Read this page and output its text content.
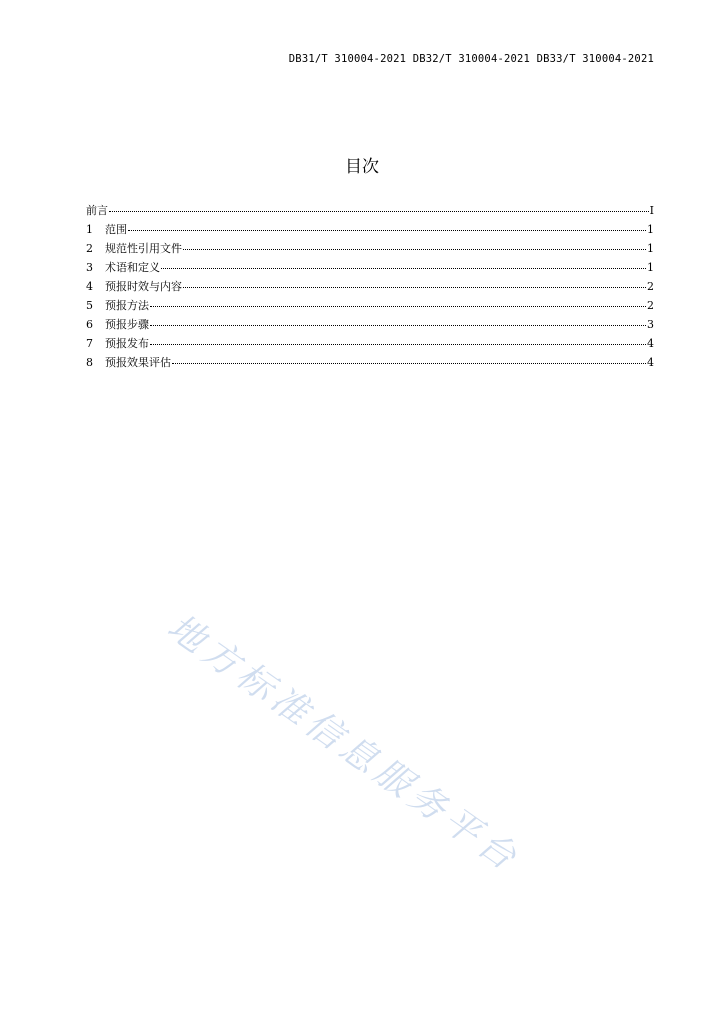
DB31/T 310004-2021 DB32/T 310004-2021 DB33/T 310004-2021
目次
前言	I
1	范围	1
2	规范性引用文件	1
3	术语和定义	1
4	预报时效与内容	2
5	预报方法	2
6	预报步骤	3
7	预报发布	4
8	预报效果评估	4
地方标准信息服务平台
